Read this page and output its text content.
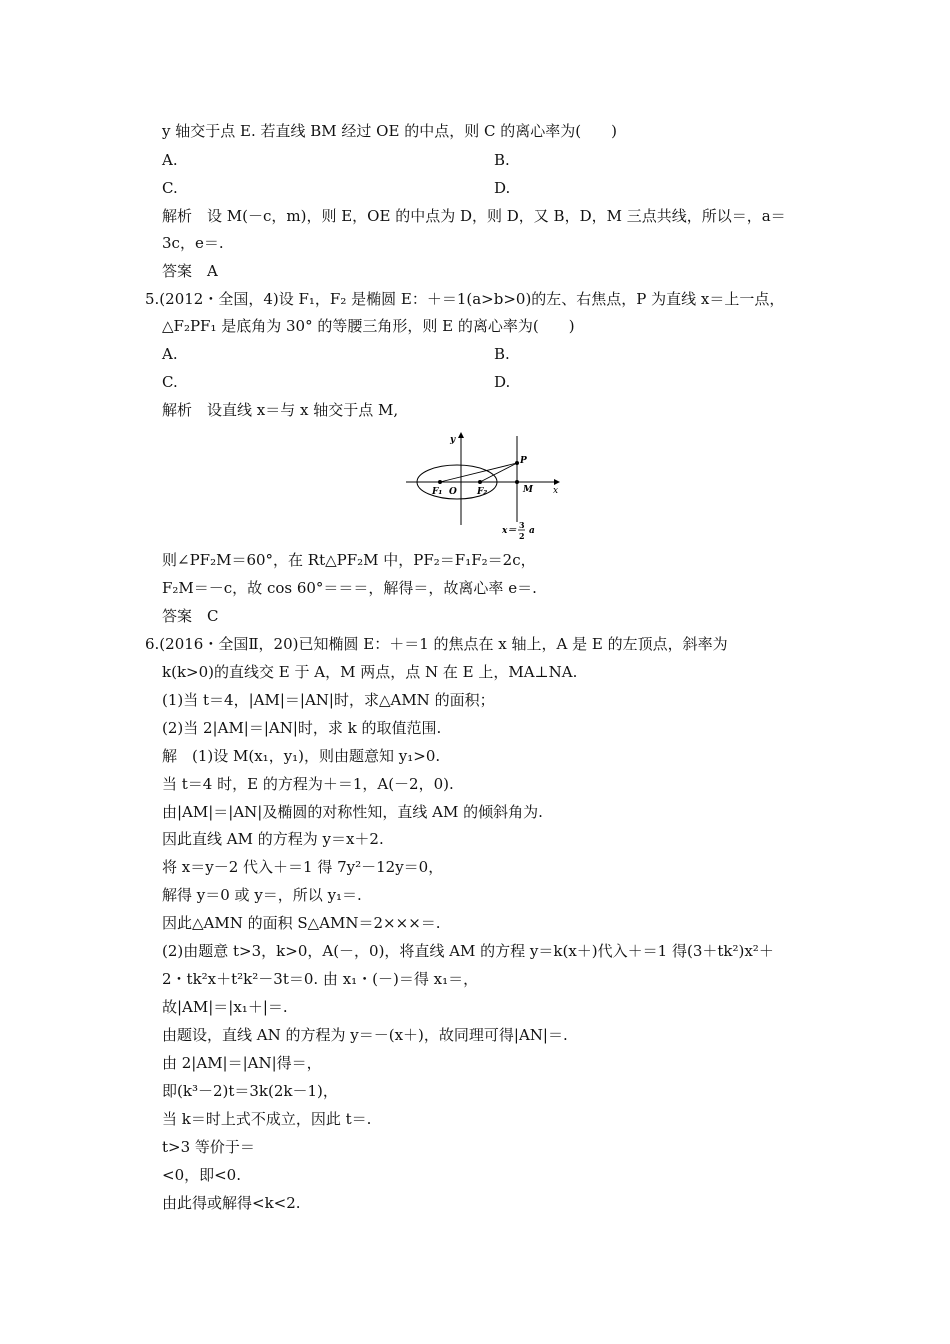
y 轴交于点 E. 若直线 BM 经过 OE 的中点，则 C 的离心率为(　　)
A.	B.
C.	D.
解析　设 M(－c，m)，则 E，OE 的中点为 D，则 D，又 B，D，M 三点共线，所以＝，a＝
3c，e＝.
答案　A
5.(2012・全国，4)设 F₁，F₂ 是椭圆 E：＋＝1(a>b>0)的左、右焦点，P 为直线 x＝上一点，
△F₂PF₁ 是底角为 30° 的等腰三角形，则 E 的离心率为(　　)
A.	B.
C.	D.
解析　设直线 x＝与 x 轴交于点 M,
x
y
P
M
F₁ O F₂
x＝
3
2 a
则∠PF₂M＝60°，在 Rt△PF₂M 中，PF₂＝F₁F₂＝2c，
F₂M＝－c，故 cos 60°＝＝＝，解得＝，故离心率 e＝.
答案　C
6.(2016・全国Ⅱ，20)已知椭圆 E：＋＝1 的焦点在 x 轴上，A 是 E 的左顶点，斜率为
k(k>0)的直线交 E 于 A，M 两点，点 N 在 E 上，MA⊥NA.
(1)当 t＝4，|AM|＝|AN|时，求△AMN 的面积；
(2)当 2|AM|＝|AN|时，求 k 的取值范围.
解　(1)设 M(x₁，y₁)，则由题意知 y₁>0.
当 t＝4 时，E 的方程为＋＝1，A(－2，0).
由|AM|＝|AN|及椭圆的对称性知，直线 AM 的倾斜角为.
因此直线 AM 的方程为 y＝x＋2.
将 x＝y－2 代入＋＝1 得 7y²－12y＝0，
解得 y＝0 或 y＝，所以 y₁＝.
因此△AMN 的面积 S△AMN＝2×××＝.
(2)由题意 t>3，k>0，A(－，0)，将直线 AM 的方程 y＝k(x＋)代入＋＝1 得(3＋tk²)x²＋
2・tk²x＋t²k²－3t＝0. 由 x₁・(－)＝得 x₁＝，
故|AM|＝|x₁＋|＝.
由题设，直线 AN 的方程为 y＝－(x＋)，故同理可得|AN|＝.
由 2|AM|＝|AN|得＝，
即(k³－2)t＝3k(2k－1)，
当 k＝时上式不成立，因此 t＝.
t>3 等价于＝
<0，即<0.
由此得或解得<k<2.
